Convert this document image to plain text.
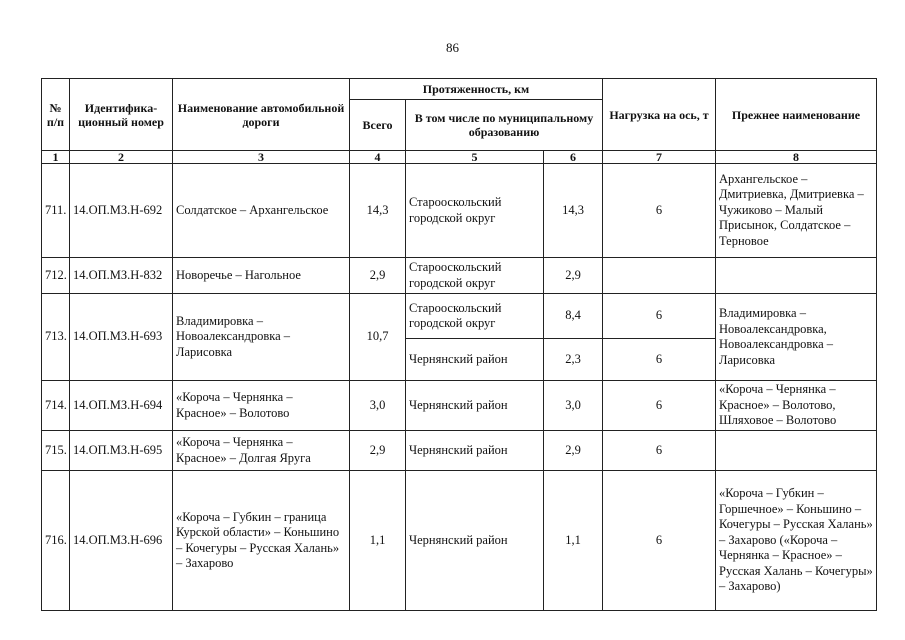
86
№ п/п	Идентифика-ционный номер	Наименование автомобильной дороги	Протяженность, км			Нагрузка на ось, т	Прежнее наименование
			Всего	В том числе по муниципальному образованию			
1	2	3	4	5	6	7	8
711.	14.ОП.МЗ.Н-692	Солдатское – Архангельское	14,3	Старооскольский городской округ	14,3	6	Архангельское – Дмитриевка, Дмитриевка – Чужиково – Малый Присынок, Солдатское – Терновое
712.	14.ОП.МЗ.Н-832	Новоречье – Нагольное	2,9	Старооскольский городской округ	2,9		
713.	14.ОП.МЗ.Н-693	Владимировка – Новоалександровка – Ларисовка	10,7	Старооскольский городской округ	8,4	6	Владимировка – Новоалександровка, Новоалександровка – Ларисовка
				Чернянский район	2,3	6	
714.	14.ОП.МЗ.Н-694	«Короча – Чернянка – Красное» – Волотово	3,0	Чернянский район	3,0	6	«Короча – Чернянка – Красное» – Волотово, Шляховое – Волотово
715.	14.ОП.МЗ.Н-695	«Короча – Чернянка – Красное» – Долгая Яруга	2,9	Чернянский район	2,9	6	
716.	14.ОП.МЗ.Н-696	«Короча – Губкин – граница Курской области» – Коньшино – Кочегуры – Русская Халань» – Захарово	1,1	Чернянский район	1,1	6	«Короча – Губкин – Горшечное» – Коньшино – Кочегуры – Русская Халань» – Захарово («Короча – Чернянка – Красное» – Русская Халань – Кочегуры» – Захарово)
